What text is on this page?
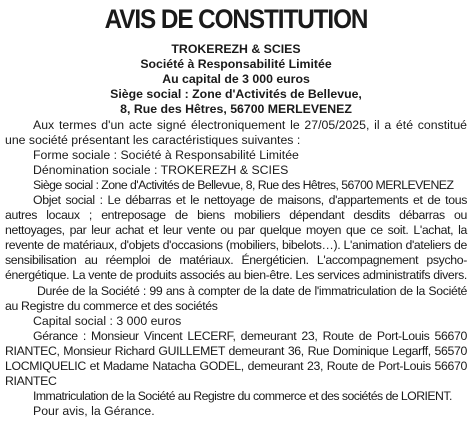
AVIS DE CONSTITUTION
TROKEREZH & SCIES
Société à Responsabilité Limitée
Au capital de 3 000 euros
Siège social : Zone d'Activités de Bellevue,
8, Rue des Hêtres, 56700 MERLEVENEZ

Aux termes d'un acte signé électroniquement le 27/05/2025, il a été constitué une société présentant les caractéristiques suivantes :

Forme sociale : Société à Responsabilité Limitée

Dénomination sociale : TROKEREZH & SCIES

Siège social : Zone d'Activités de Bellevue, 8, Rue des Hêtres, 56700 MERLEVENEZ

Objet social : Le débarras et le nettoyage de maisons, d'appartements et de tous autres locaux ; entreposage de biens mobiliers dépendant desdits débarras ou nettoyages, par leur achat et leur vente ou par quelque moyen que ce soit. L'achat, la revente de matériaux, d'objets d'occasions (mobiliers, bibelots…). L'animation d'ateliers de sensibilisation au réemploi de matériaux. Énergéticien. L'accompagnement psycho-énergétique. La vente de produits associés au bien-être. Les services administratifs divers.

Durée de la Société : 99 ans à compter de la date de l'immatriculation de la Société au Registre du commerce et des sociétés

Capital social : 3 000 euros

Gérance : Monsieur Vincent LECERF, demeurant 23, Route de Port-Louis 56670 RIANTEC, Monsieur Richard GUILLEMET demeurant 36, Rue Dominique Legarff, 56570 LOCMIQUELIC et Madame Natacha GODEL, demeurant 23, Route de Port-Louis 56670 RIANTEC

Immatriculation de la Société au Registre du commerce et des sociétés de LORIENT.

Pour avis, la Gérance.
